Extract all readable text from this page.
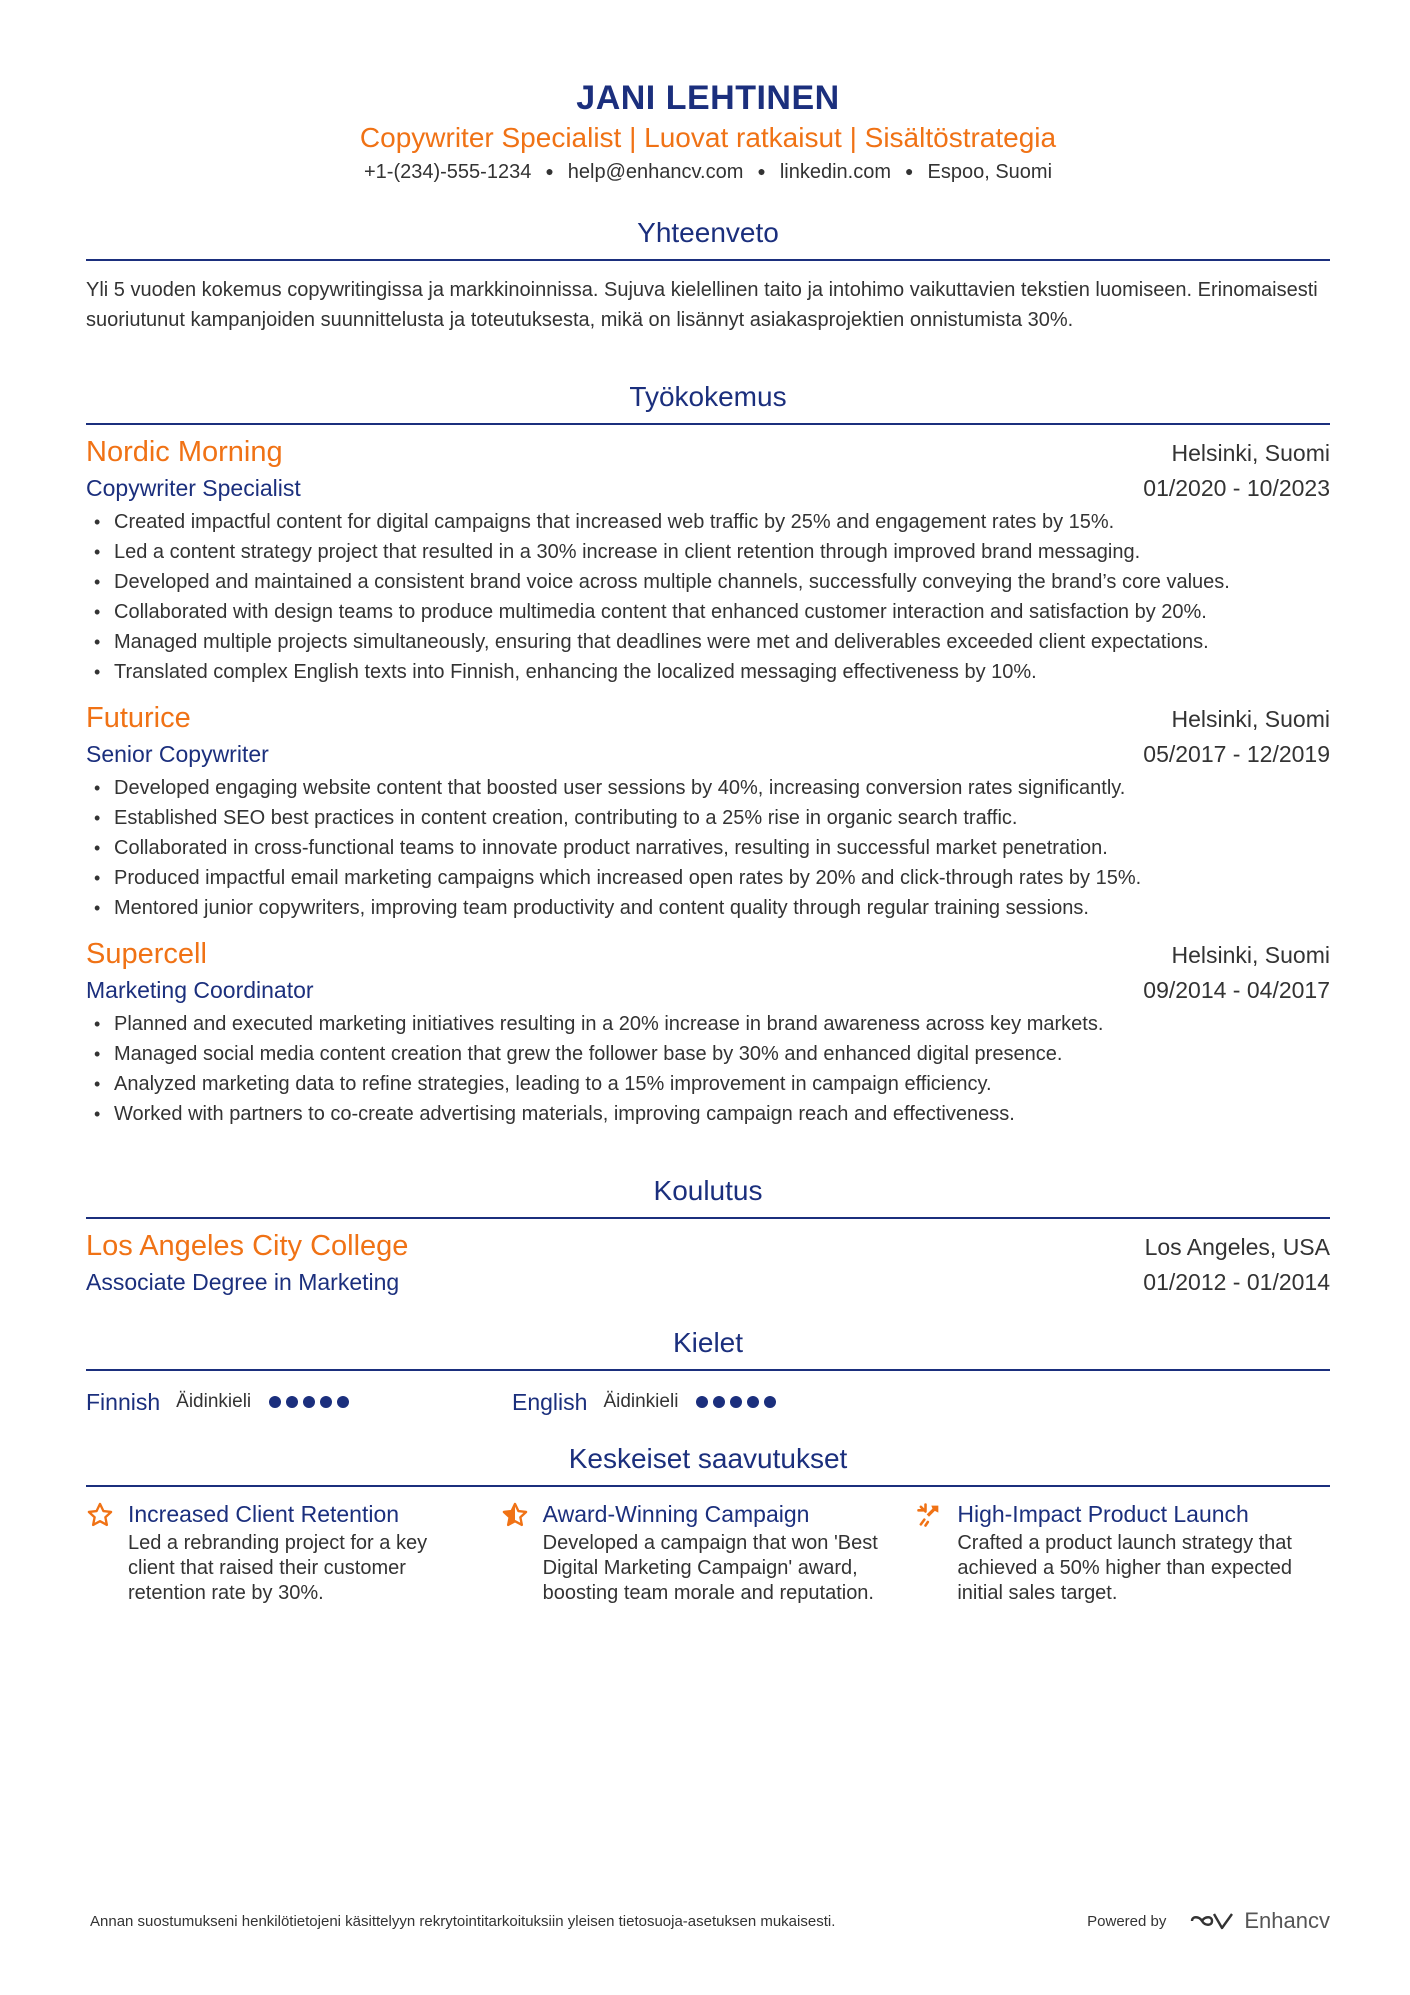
JANI LEHTINEN
Copywriter Specialist | Luovat ratkaisut | Sisältöstrategia
+1-(234)-555-1234 ● help@enhancv.com ● linkedin.com ● Espoo, Suomi
Yhteenveto

Yli 5 vuoden kokemus copywritingissa ja markkinoinnissa. Sujuva kielellinen taito ja intohimo vaikuttavien tekstien luomiseen. Erinomaisesti suoriutunut kampanjoiden suunnittelusta ja toteutuksesta, mikä on lisännyt asiakasprojektien onnistumista 30%.

Työkokemus
Nordic Morning	Helsinki, Suomi
Copywriter Specialist	01/2020 - 10/2023
• Created impactful content for digital campaigns that increased web traffic by 25% and engagement rates by 15%.
• Led a content strategy project that resulted in a 30% increase in client retention through improved brand messaging.
• Developed and maintained a consistent brand voice across multiple channels, successfully conveying the brand’s core values.
• Collaborated with design teams to produce multimedia content that enhanced customer interaction and satisfaction by 20%.
• Managed multiple projects simultaneously, ensuring that deadlines were met and deliverables exceeded client expectations.
• Translated complex English texts into Finnish, enhancing the localized messaging effectiveness by 10%.
Futurice	Helsinki, Suomi
Senior Copywriter	05/2017 - 12/2019
• Developed engaging website content that boosted user sessions by 40%, increasing conversion rates significantly.
• Established SEO best practices in content creation, contributing to a 25% rise in organic search traffic.
• Collaborated in cross-functional teams to innovate product narratives, resulting in successful market penetration.
• Produced impactful email marketing campaigns which increased open rates by 20% and click-through rates by 15%.
• Mentored junior copywriters, improving team productivity and content quality through regular training sessions.
Supercell	Helsinki, Suomi
Marketing Coordinator	09/2014 - 04/2017
• Planned and executed marketing initiatives resulting in a 20% increase in brand awareness across key markets.
• Managed social media content creation that grew the follower base by 30% and enhanced digital presence.
• Analyzed marketing data to refine strategies, leading to a 15% improvement in campaign efficiency.
• Worked with partners to co-create advertising materials, improving campaign reach and effectiveness.
Koulutus
Los Angeles City College	Los Angeles, USA
Associate Degree in Marketing	01/2012 - 01/2014
Kielet
Finnish Äidinkieli	English Äidinkieli
Keskeiset saavutukset
Increased Client Retention
Led a rebranding project for a key client that raised their customer retention rate by 30%.
Award-Winning Campaign
Developed a campaign that won 'Best Digital Marketing Campaign' award, boosting team morale and reputation.
High-Impact Product Launch
Crafted a product launch strategy that achieved a 50% higher than expected initial sales target.
Annan suostumukseni henkilötietojeni käsittelyyn rekrytointitarkoituksiin yleisen tietosuoja-asetuksen mukaisesti.	Powered by	Enhancv
